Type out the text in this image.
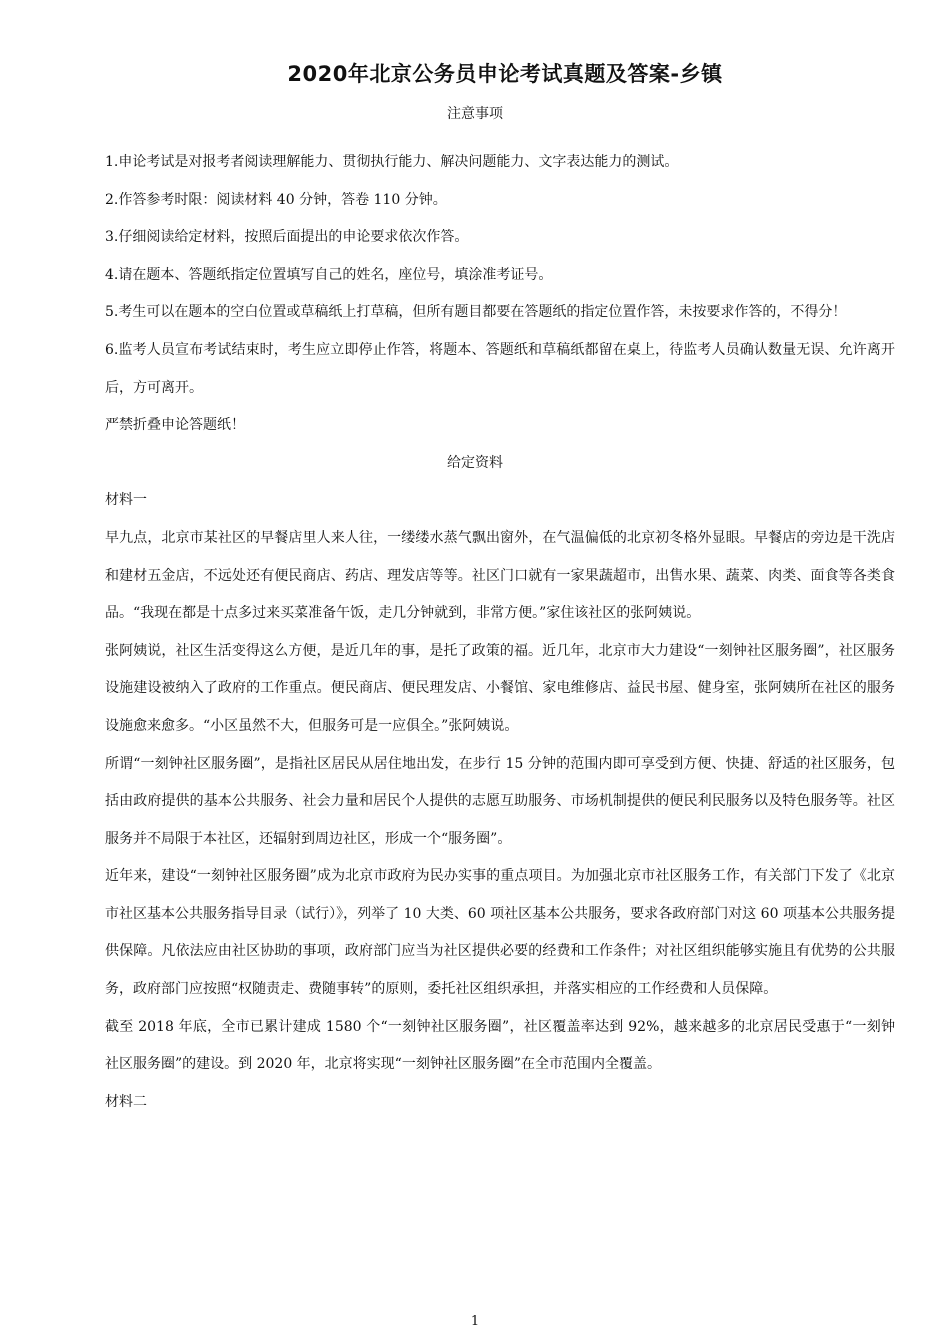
2020年北京公务员申论考试真题及答案-乡镇
注意事项

1.申论考试是对报考者阅读理解能力、贯彻执行能力、解决问题能力、文字表达能力的测试。

2.作答参考时限：阅读材料 40 分钟，答卷 110 分钟。

3.仔细阅读给定材料，按照后面提出的申论要求依次作答。

4.请在题本、答题纸指定位置填写自己的姓名，座位号，填涂准考证号。

5.考生可以在题本的空白位置或草稿纸上打草稿，但所有题目都要在答题纸的指定位置作答，未按要求作答的，不得分！

6.监考人员宣布考试结束时，考生应立即停止作答，将题本、答题纸和草稿纸都留在桌上，待监考人员确认数量无误、允许离开后，方可离开。

严禁折叠申论答题纸！

给定资料

材料一

早九点，北京市某社区的早餐店里人来人往，一缕缕水蒸气飘出窗外，在气温偏低的北京初冬格外显眼。早餐店的旁边是干洗店和建材五金店，不远处还有便民商店、药店、理发店等等。社区门口就有一家果蔬超市，出售水果、蔬菜、肉类、面食等各类食品。“我现在都是十点多过来买菜准备午饭，走几分钟就到，非常方便。”家住该社区的张阿姨说。

张阿姨说，社区生活变得这么方便，是近几年的事，是托了政策的福。近几年，北京市大力建设“一刻钟社区服务圈”，社区服务设施建设被纳入了政府的工作重点。便民商店、便民理发店、小餐馆、家电维修店、益民书屋、健身室，张阿姨所在社区的服务设施愈来愈多。“小区虽然不大，但服务可是一应俱全。”张阿姨说。

所谓“一刻钟社区服务圈”，是指社区居民从居住地出发，在步行 15 分钟的范围内即可享受到方便、快捷、舒适的社区服务，包括由政府提供的基本公共服务、社会力量和居民个人提供的志愿互助服务、市场机制提供的便民利民服务以及特色服务等。社区服务并不局限于本社区，还辐射到周边社区，形成一个“服务圈”。

近年来，建设“一刻钟社区服务圈”成为北京市政府为民办实事的重点项目。为加强北京市社区服务工作，有关部门下发了《北京市社区基本公共服务指导目录（试行）》，列举了 10 大类、60 项社区基本公共服务，要求各政府部门对这 60 项基本公共服务提供保障。凡依法应由社区协助的事项，政府部门应当为社区提供必要的经费和工作条件；对社区组织能够实施且有优势的公共服务，政府部门应按照“权随责走、费随事转”的原则，委托社区组织承担，并落实相应的工作经费和人员保障。

截至 2018 年底，全市已累计建成 1580 个“一刻钟社区服务圈”，社区覆盖率达到 92%，越来越多的北京居民受惠于“一刻钟社区服务圈”的建设。到 2020 年，北京将实现“一刻钟社区服务圈”在全市范围内全覆盖。

材料二

1
